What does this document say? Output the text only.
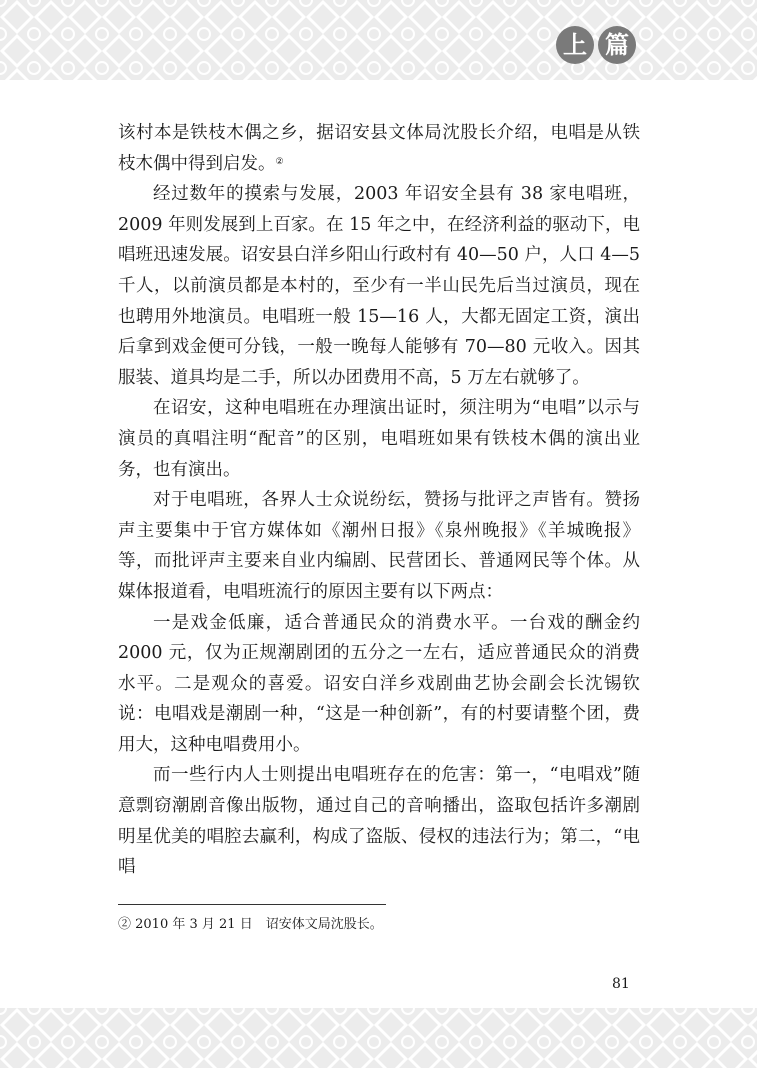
上 篇

该村本是铁枝木偶之乡，据诏安县文体局沈股长介绍，电唱是从铁枝木偶中得到启发。②

经过数年的摸索与发展，2003 年诏安全县有 38 家电唱班，2009 年则发展到上百家。在 15 年之中，在经济利益的驱动下，电唱班迅速发展。诏安县白洋乡阳山行政村有 40—50 户，人口 4—5 千人，以前演员都是本村的，至少有一半山民先后当过演员，现在也聘用外地演员。电唱班一般 15—16 人，大都无固定工资，演出后拿到戏金便可分钱，一般一晚每人能够有 70—80 元收入。因其服装、道具均是二手，所以办团费用不高，5 万左右就够了。

在诏安，这种电唱班在办理演出证时，须注明为“电唱”以示与演员的真唱注明“配音”的区别，电唱班如果有铁枝木偶的演出业务，也有演出。

对于电唱班，各界人士众说纷纭，赞扬与批评之声皆有。赞扬声主要集中于官方媒体如《潮州日报》《泉州晚报》《羊城晚报》等，而批评声主要来自业内编剧、民营团长、普通网民等个体。从媒体报道看，电唱班流行的原因主要有以下两点：

一是戏金低廉，适合普通民众的消费水平。一台戏的酬金约 2000 元，仅为正规潮剧团的五分之一左右，适应普通民众的消费水平。二是观众的喜爱。诏安白洋乡戏剧曲艺协会副会长沈锡钦说：电唱戏是潮剧一种，“这是一种创新”，有的村要请整个团，费用大，这种电唱费用小。

而一些行内人士则提出电唱班存在的危害：第一，“电唱戏”随意剽窃潮剧音像出版物，通过自己的音响播出，盗取包括许多潮剧明星优美的唱腔去赢利，构成了盗版、侵权的违法行为；第二，“电唱

② 2010 年 3 月 21 日　诏安体文局沈股长。
81
